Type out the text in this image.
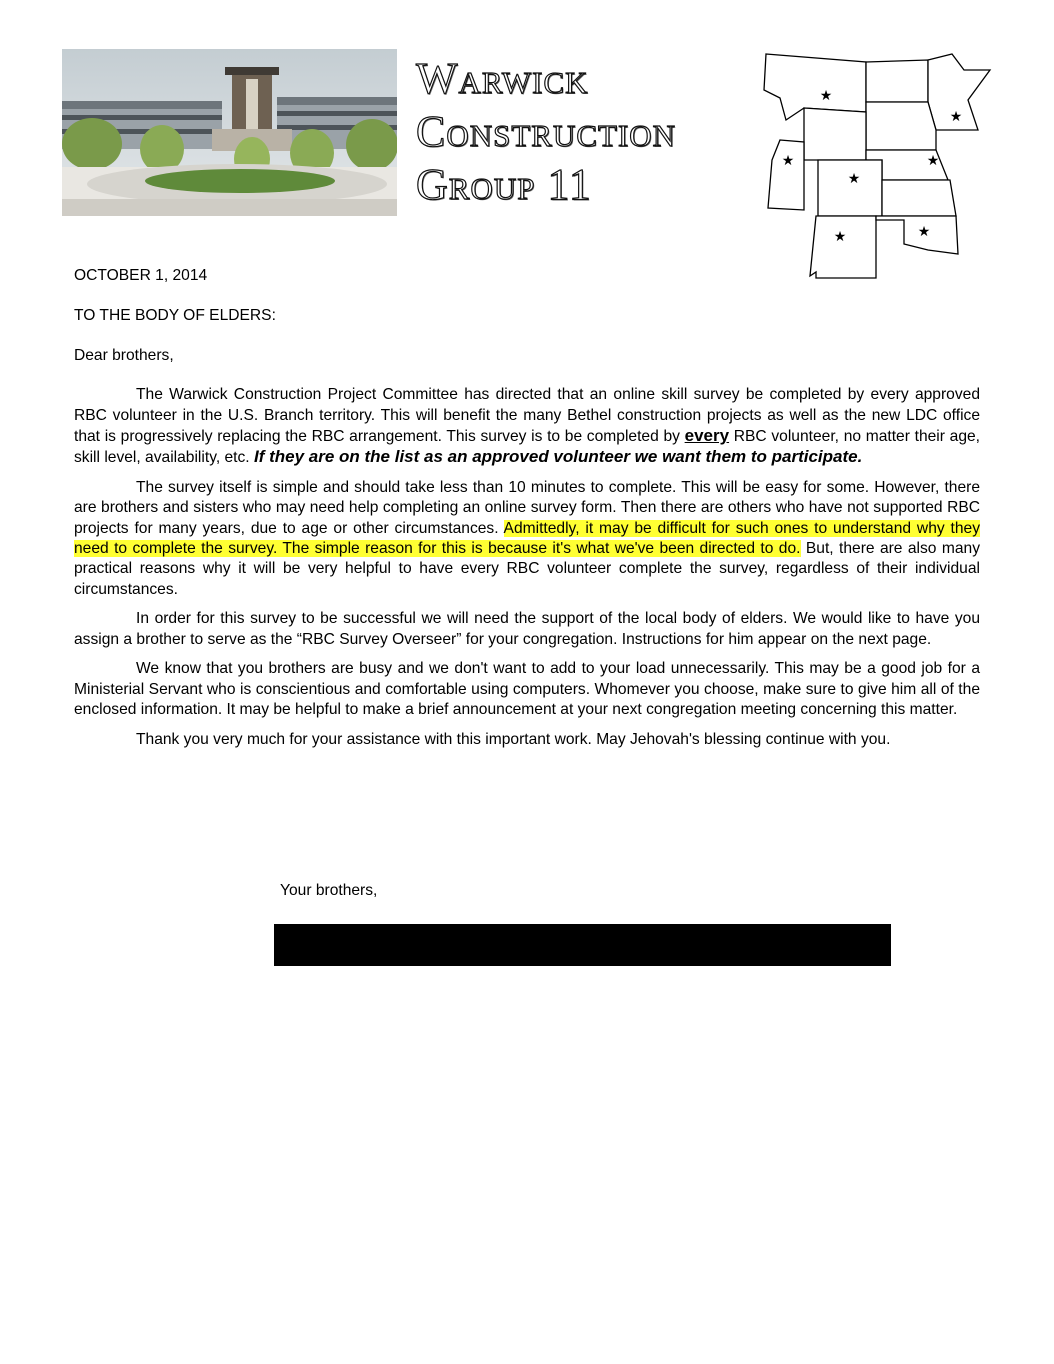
Warwick
Construction
Group 11
★
★
★	★
★
★	★

OCTOBER 1, 2014

TO THE BODY OF ELDERS:

Dear brothers,

The Warwick Construction Project Committee has directed that an online skill survey be completed by every approved RBC volunteer in the U.S. Branch territory. This will benefit the many Bethel construction projects as well as the new LDC office that is progressively replacing the RBC arrangement. This survey is to be completed by every RBC volunteer, no matter their age, skill level, availability, etc. If they are on the list as an approved volunteer we want them to participate.

The survey itself is simple and should take less than 10 minutes to complete. This will be easy for some. However, there are brothers and sisters who may need help completing an online survey form. Then there are others who have not supported RBC projects for many years, due to age or other circumstances. Admittedly, it may be difficult for such ones to understand why they need to complete the survey. The simple reason for this is because it's what we've been directed to do. But, there are also many practical reasons why it will be very helpful to have every RBC volunteer complete the survey, regardless of their individual circumstances.

In order for this survey to be successful we will need the support of the local body of elders. We would like to have you assign a brother to serve as the “RBC Survey Overseer” for your congregation. Instructions for him appear on the next page.

We know that you brothers are busy and we don't want to add to your load unnecessarily. This may be a good job for a Ministerial Servant who is conscientious and comfortable using computers. Whomever you choose, make sure to give him all of the enclosed information. It may be helpful to make a brief announcement at your next congregation meeting concerning this matter.

Thank you very much for your assistance with this important work. May Jehovah's blessing continue with you.

Your brothers,
